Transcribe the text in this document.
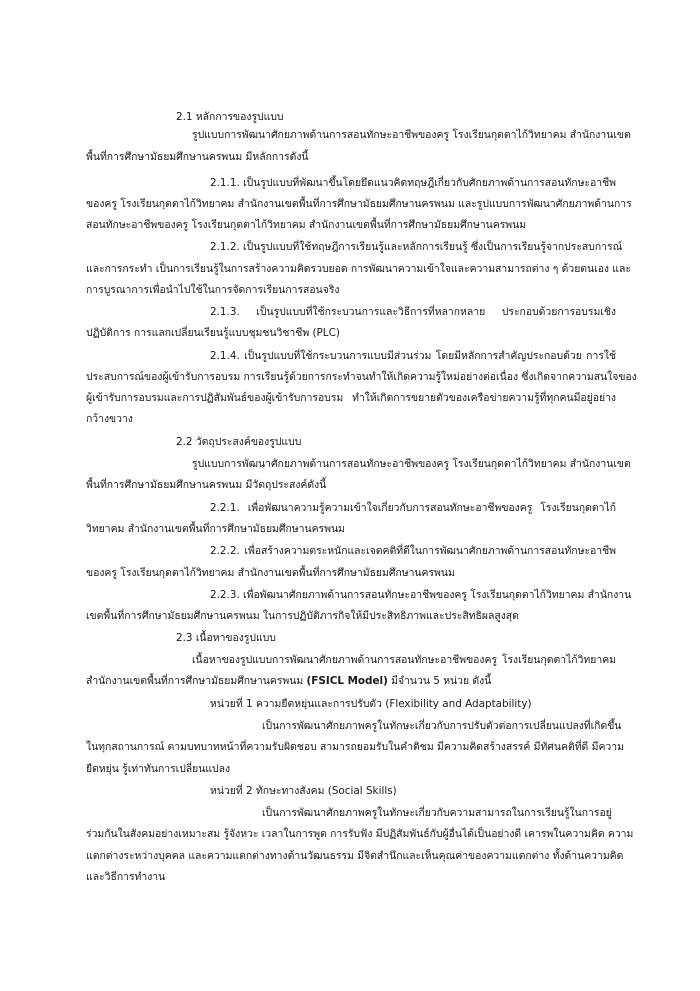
2.1 หลักการของรูปแบบ
รูปแบบการพัฒนาศักยภาพด้านการสอนทักษะอาชีพของครู โรงเรียนกุดตาไก้วิทยาคม สำนักงานเขต
พื้นที่การศึกษามัธยมศึกษานครพนม มีหลักการดังนี้
2.1.1. เป็นรูปแบบที่พัฒนาขึ้นโดยยึดแนวคิดทฤษฎีเกี่ยวกับศักยภาพด้านการสอนทักษะอาชีพ
ของครู โรงเรียนกุดตาไก้วิทยาคม สำนักงานเขตพื้นที่การศึกษามัธยมศึกษานครพนม และรูปแบบการพัฒนาศักยภาพด้านการ
สอนทักษะอาชีพของครู โรงเรียนกุดตาไก้วิทยาคม สำนักงานเขตพื้นที่การศึกษามัธยมศึกษานครพนม
2.1.2. เป็นรูปแบบที่ใช้ทฤษฎีการเรียนรู้และหลักการเรียนรู้ ซึ่งเป็นการเรียนรู้จากประสบการณ์
และการกระทำ เป็นการเรียนรู้ในการสร้างความคิดรวบยอด การพัฒนาความเข้าใจและความสามารถต่าง ๆ ด้วยตนเอง และ
การบูรณาการเพื่อนำไปใช้ในการจัดการเรียนการสอนจริง
2.1.3. เป็นรูปแบบที่ใช้กระบวนการและวิธีการที่หลากหลาย ประกอบด้วยการอบรมเชิง
ปฏิบัติการ การแลกเปลี่ยนเรียนรู้แบบชุมชนวิชาชีพ (PLC)
2.1.4. เป็นรูปแบบที่ใช้กระบวนการแบบมีส่วนร่วม โดยมีหลักการสำคัญประกอบด้วย การใช้
ประสบการณ์ของผู้เข้ารับการอบรม การเรียนรู้ด้วยการกระทำจนทำให้เกิดความรู้ใหม่อย่างต่อเนื่อง ซึ่งเกิดจากความสนใจของ
ผู้เข้ารับการอบรมและการปฏิสัมพันธ์ของผู้เข้ารับการอบรม ทำให้เกิดการขยายตัวของเครือข่ายความรู้ที่ทุกคนมีอยู่อย่าง
กว้างขวาง
2.2 วัตถุประสงค์ของรูปแบบ
รูปแบบการพัฒนาศักยภาพด้านการสอนทักษะอาชีพของครู โรงเรียนกุดตาไก้วิทยาคม สำนักงานเขต
พื้นที่การศึกษามัธยมศึกษานครพนม มีวัตถุประสงค์ดังนี้
2.2.1. เพื่อพัฒนาความรู้ความเข้าใจเกี่ยวกับการสอนทักษะอาชีพของครู โรงเรียนกุดตาไก้
วิทยาคม สำนักงานเขตพื้นที่การศึกษามัธยมศึกษานครพนม
2.2.2. เพื่อสร้างความตระหนักและเจตคติที่ดีในการพัฒนาศักยภาพด้านการสอนทักษะอาชีพ
ของครู โรงเรียนกุดตาไก้วิทยาคม สำนักงานเขตพื้นที่การศึกษามัธยมศึกษานครพนม
2.2.3. เพื่อพัฒนาศักยภาพด้านการสอนทักษะอาชีพของครู โรงเรียนกุดตาไก้วิทยาคม สำนักงาน
เขตพื้นที่การศึกษามัธยมศึกษานครพนม ในการปฏิบัติภารกิจให้มีประสิทธิภาพและประสิทธิผลสูงสุด
2.3 เนื้อหาของรูปแบบ
เนื้อหาของรูปแบบการพัฒนาศักยภาพด้านการสอนทักษะอาชีพของครู โรงเรียนกุดตาไก้วิทยาคม
สำนักงานเขตพื้นที่การศึกษามัธยมศึกษานครพนม (FSICL Model) มีจำนวน 5 หน่วย ดังนี้
หน่วยที่ 1 ความยืดหยุ่นและการปรับตัว (Flexibility and Adaptability)
เป็นการพัฒนาศักยภาพครูในทักษะเกี่ยวกับการปรับตัวต่อการเปลี่ยนแปลงที่เกิดขึ้น
ในทุกสถานการณ์ ตามบทบาทหน้าที่ความรับผิดชอบ สามารถยอมรับในคำติชม มีความคิดสร้างสรรค์ มีทัศนคติที่ดี มีความ
ยืดหยุ่น รู้เท่าทันการเปลี่ยนแปลง
หน่วยที่ 2 ทักษะทางสังคม (Social Skills)
เป็นการพัฒนาศักยภาพครูในทักษะเกี่ยวกับความสามารถในการเรียนรู้ในการอยู่
ร่วมกันในสังคมอย่างเหมาะสม รู้จังหวะ เวลาในการพูด การรับฟัง มีปฏิสัมพันธ์กับผู้อื่นได้เป็นอย่างดี เคารพในความคิด ความ
แตกต่างระหว่างบุคคล และความแตกต่างทางด้านวัฒนธรรม มีจิตสำนึกและเห็นคุณค่าของความแตกต่าง ทั้งด้านความคิด
และวิธีการทำงาน
